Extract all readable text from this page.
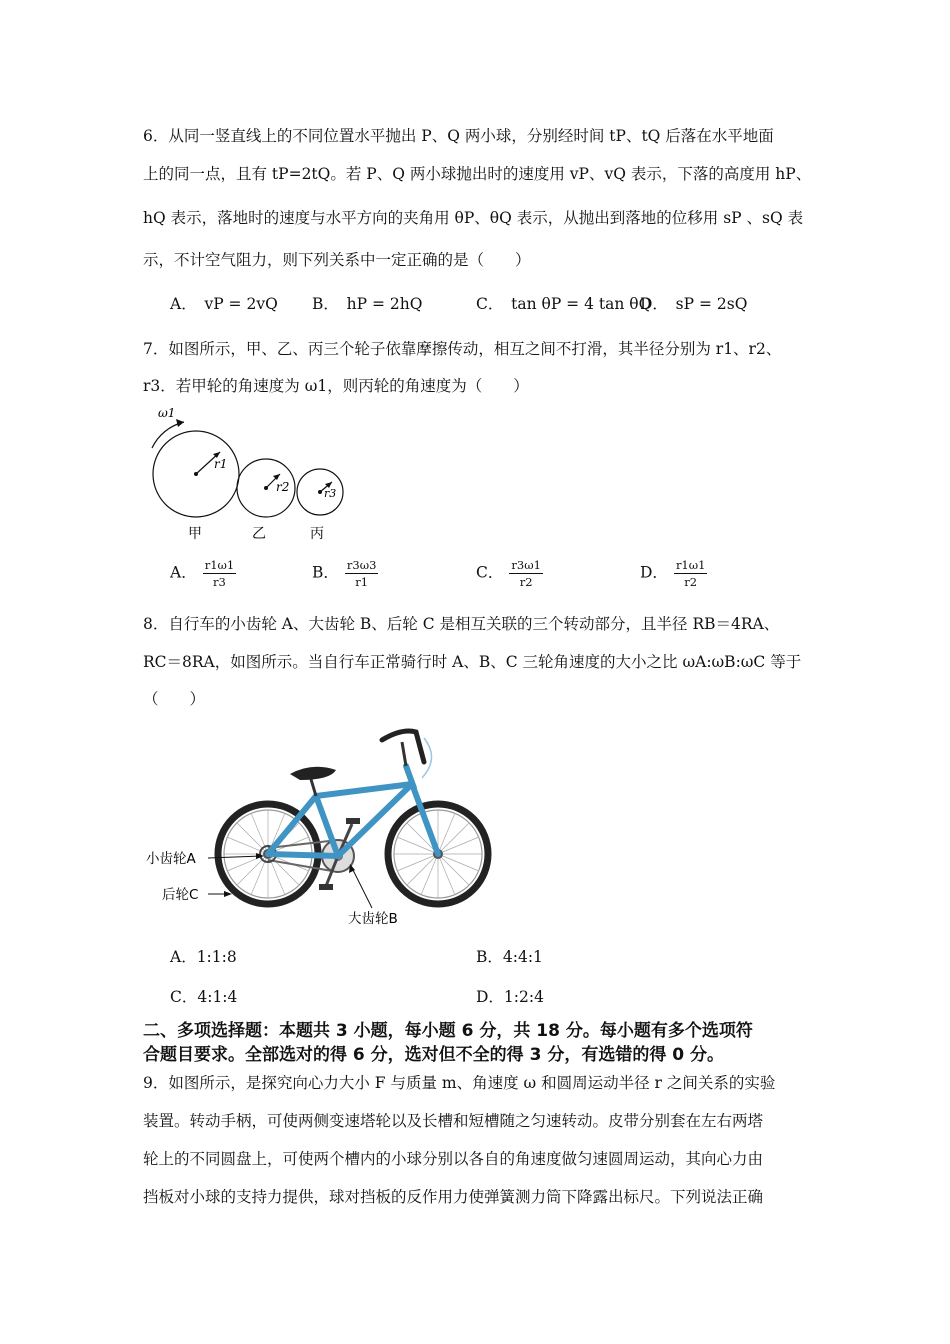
6．从同一竖直线上的不同位置水平抛出 P、Q 两小球，分别经时间 tP、tQ 后落在水平地面
上的同一点，且有 tP=2tQ。若 P、Q 两小球抛出时的速度用 vP、vQ 表示，下落的高度用 hP、
hQ 表示，落地时的速度与水平方向的夹角用 θP、θQ 表示，从抛出到落地的位移用 sP 、sQ 表
示，不计空气阻力，则下列关系中一定正确的是（　　）
A．　vP = 2vQ B．　hP = 2hQ	C．　tan θP = 4 tan θQ
D．　sP = 2sQ
7．如图所示，甲、乙、丙三个轮子依靠摩擦传动，相互之间不打滑，其半径分别为 r1、r2、
r3．若甲轮的角速度为 ω1，则丙轮的角速度为（　　）
ω1
r1
r2	r3
甲	乙	丙
A． $\frac{r1\omega 1}{r3}$	B． $\frac{r3\omega 3}{r1}$	C． $\frac{r3\omega 1}{r2}$	D． $\frac{r1\omega 1}{r2}$
8．自行车的小齿轮 A、大齿轮 B、后轮 C 是相互关联的三个转动部分，且半径 RB＝4RA、
RC＝8RA，如图所示。当自行车正常骑行时 A、B、C 三轮角速度的大小之比 ωA:ωB:ωC 等于
（　　）
小齿轮A
后轮C
大齿轮B
A．1:1:8	B．4:4:1
C．4:1:4	D．1:2:4
二、多项选择题：本题共 3 小题，每小题 6 分，共 18 分。每小题有多个选项符
合题目要求。全部选对的得 6 分，选对但不全的得 3 分，有选错的得 0 分。
9．如图所示，是探究向心力大小 F 与质量 m、角速度 ω 和圆周运动半径 r 之间关系的实验
装置。转动手柄，可使两侧变速塔轮以及长槽和短槽随之匀速转动。皮带分别套在左右两塔
轮上的不同圆盘上，可使两个槽内的小球分别以各自的角速度做匀速圆周运动，其向心力由
挡板对小球的支持力提供，球对挡板的反作用力使弹簧测力筒下降露出标尺。下列说法正确
